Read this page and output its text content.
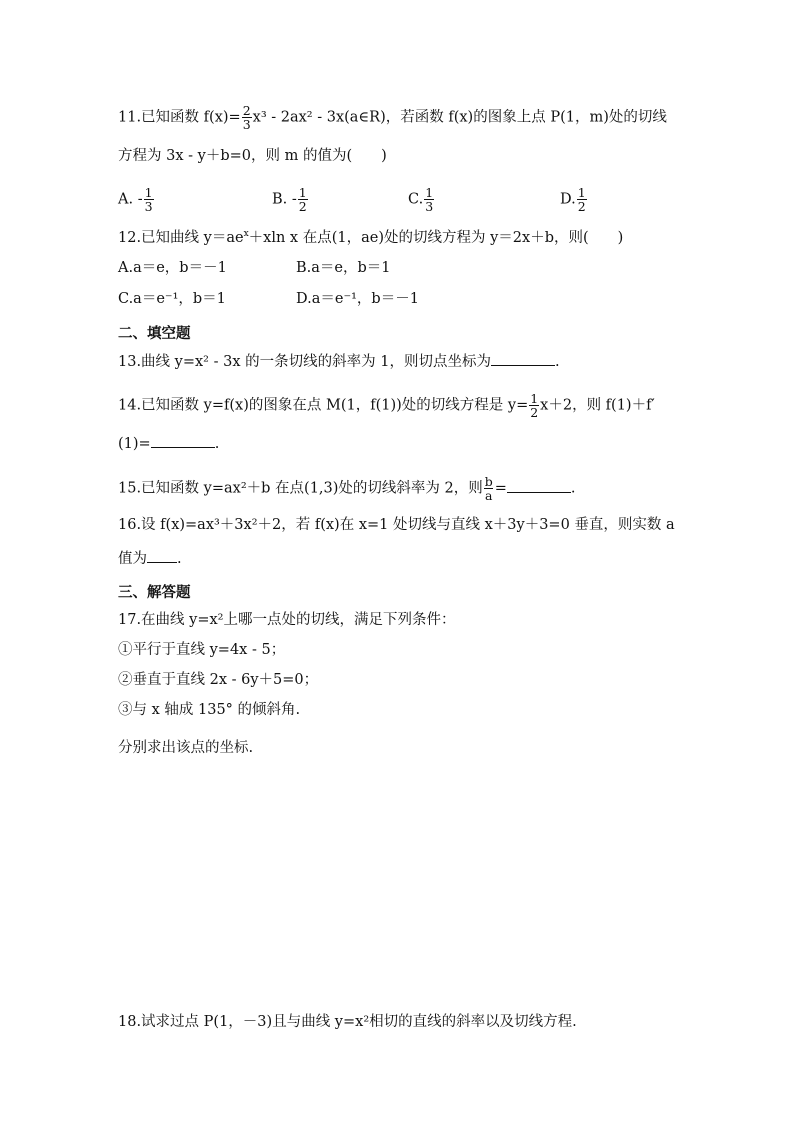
11.已知函数 $f(x)= \frac{2}{3} x^3 - 2ax^2$ - 3x(a∈R)，若函数 f(x)的图象上点 P(1，m)处的切线
方程为 3x - y＋b=0，则 m 的值为(　　)
A. - $\frac{1}{3}$	B. - $\frac{1}{2}$	C. $\frac{1}{3}$	D. $\frac{1}{2}$
12.已知曲线 $y=ae^x+xln$ x 在点(1，ae)处的切线方程为 y＝2x＋b，则(　　)
A.a＝e，b＝－1	B.a＝e，b＝1
C.a＝e⁻¹，b＝1	D.a＝e⁻¹，b＝－1
二、填空题
13.曲线 y=x² - 3x 的一条切线的斜率为 1，则切点坐标为	.
14.已知函数 y=f(x)的图象在点 M(1，f(1))处的切线方程是 $y= \frac{1}{2} x+2$，则 f(1)＋f′
(1)=	.
15.已知函数 y=ax²＋b 在点(1,3)处的切线斜率为 2，则 $\frac{b}{a}$ =	.
16.设 f(x)=ax³＋3x²＋2，若 f(x)在 x=1 处切线与直线 x＋3y＋3=0 垂直，则实数 a
值为 .
三、解答题
17.在曲线 y=x²上哪一点处的切线，满足下列条件：
①平行于直线 y=4x - 5；
②垂直于直线 2x - 6y＋5=0；
③与 x 轴成 135° 的倾斜角.
分别求出该点的坐标.
18.试求过点 P(1，－3)且与曲线 y=x²相切的直线的斜率以及切线方程.
